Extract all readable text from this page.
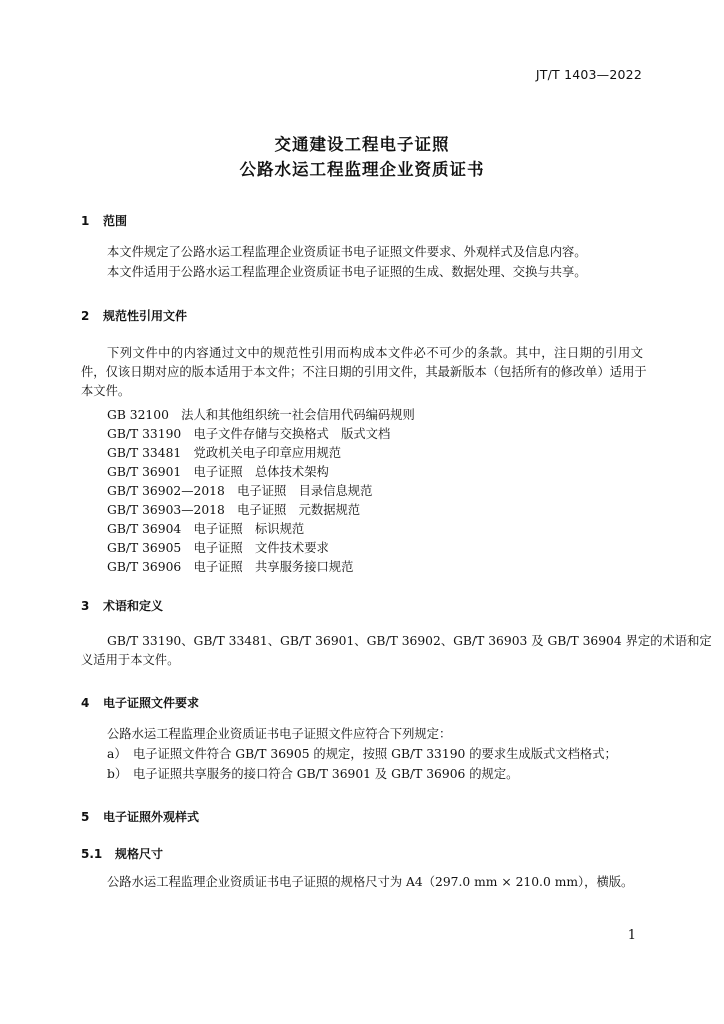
JT/T 1403—2022
交通建设工程电子证照
公路水运工程监理企业资质证书
1 范围
本文件规定了公路水运工程监理企业资质证书电子证照文件要求、外观样式及信息内容。
本文件适用于公路水运工程监理企业资质证书电子证照的生成、数据处理、交换与共享。
2 规范性引用文件
下列文件中的内容通过文中的规范性引用而构成本文件必不可少的条款。其中，注日期的引用文
件，仅该日期对应的版本适用于本文件；不注日期的引用文件，其最新版本（包括所有的修改单）适用于
本文件。
GB 32100　法人和其他组织统一社会信用代码编码规则
GB/T 33190　电子文件存储与交换格式　版式文档
GB/T 33481　党政机关电子印章应用规范
GB/T 36901　电子证照　总体技术架构
GB/T 36902—2018　电子证照　目录信息规范
GB/T 36903—2018　电子证照　元数据规范
GB/T 36904　电子证照　标识规范
GB/T 36905　电子证照　文件技术要求
GB/T 36906　电子证照　共享服务接口规范
3 术语和定义
GB/T 33190、GB/T 33481、GB/T 36901、GB/T 36902、GB/T 36903 及 GB/T 36904 界定的术语和定
义适用于本文件。
4 电子证照文件要求
公路水运工程监理企业资质证书电子证照文件应符合下列规定：
a） 电子证照文件符合 GB/T 36905 的规定，按照 GB/T 33190 的要求生成版式文档格式；
b） 电子证照共享服务的接口符合 GB/T 36901 及 GB/T 36906 的规定。
5 电子证照外观样式
5.1 规格尺寸
公路水运工程监理企业资质证书电子证照的规格尺寸为 A4（297.0 mm × 210.0 mm），横版。
1
